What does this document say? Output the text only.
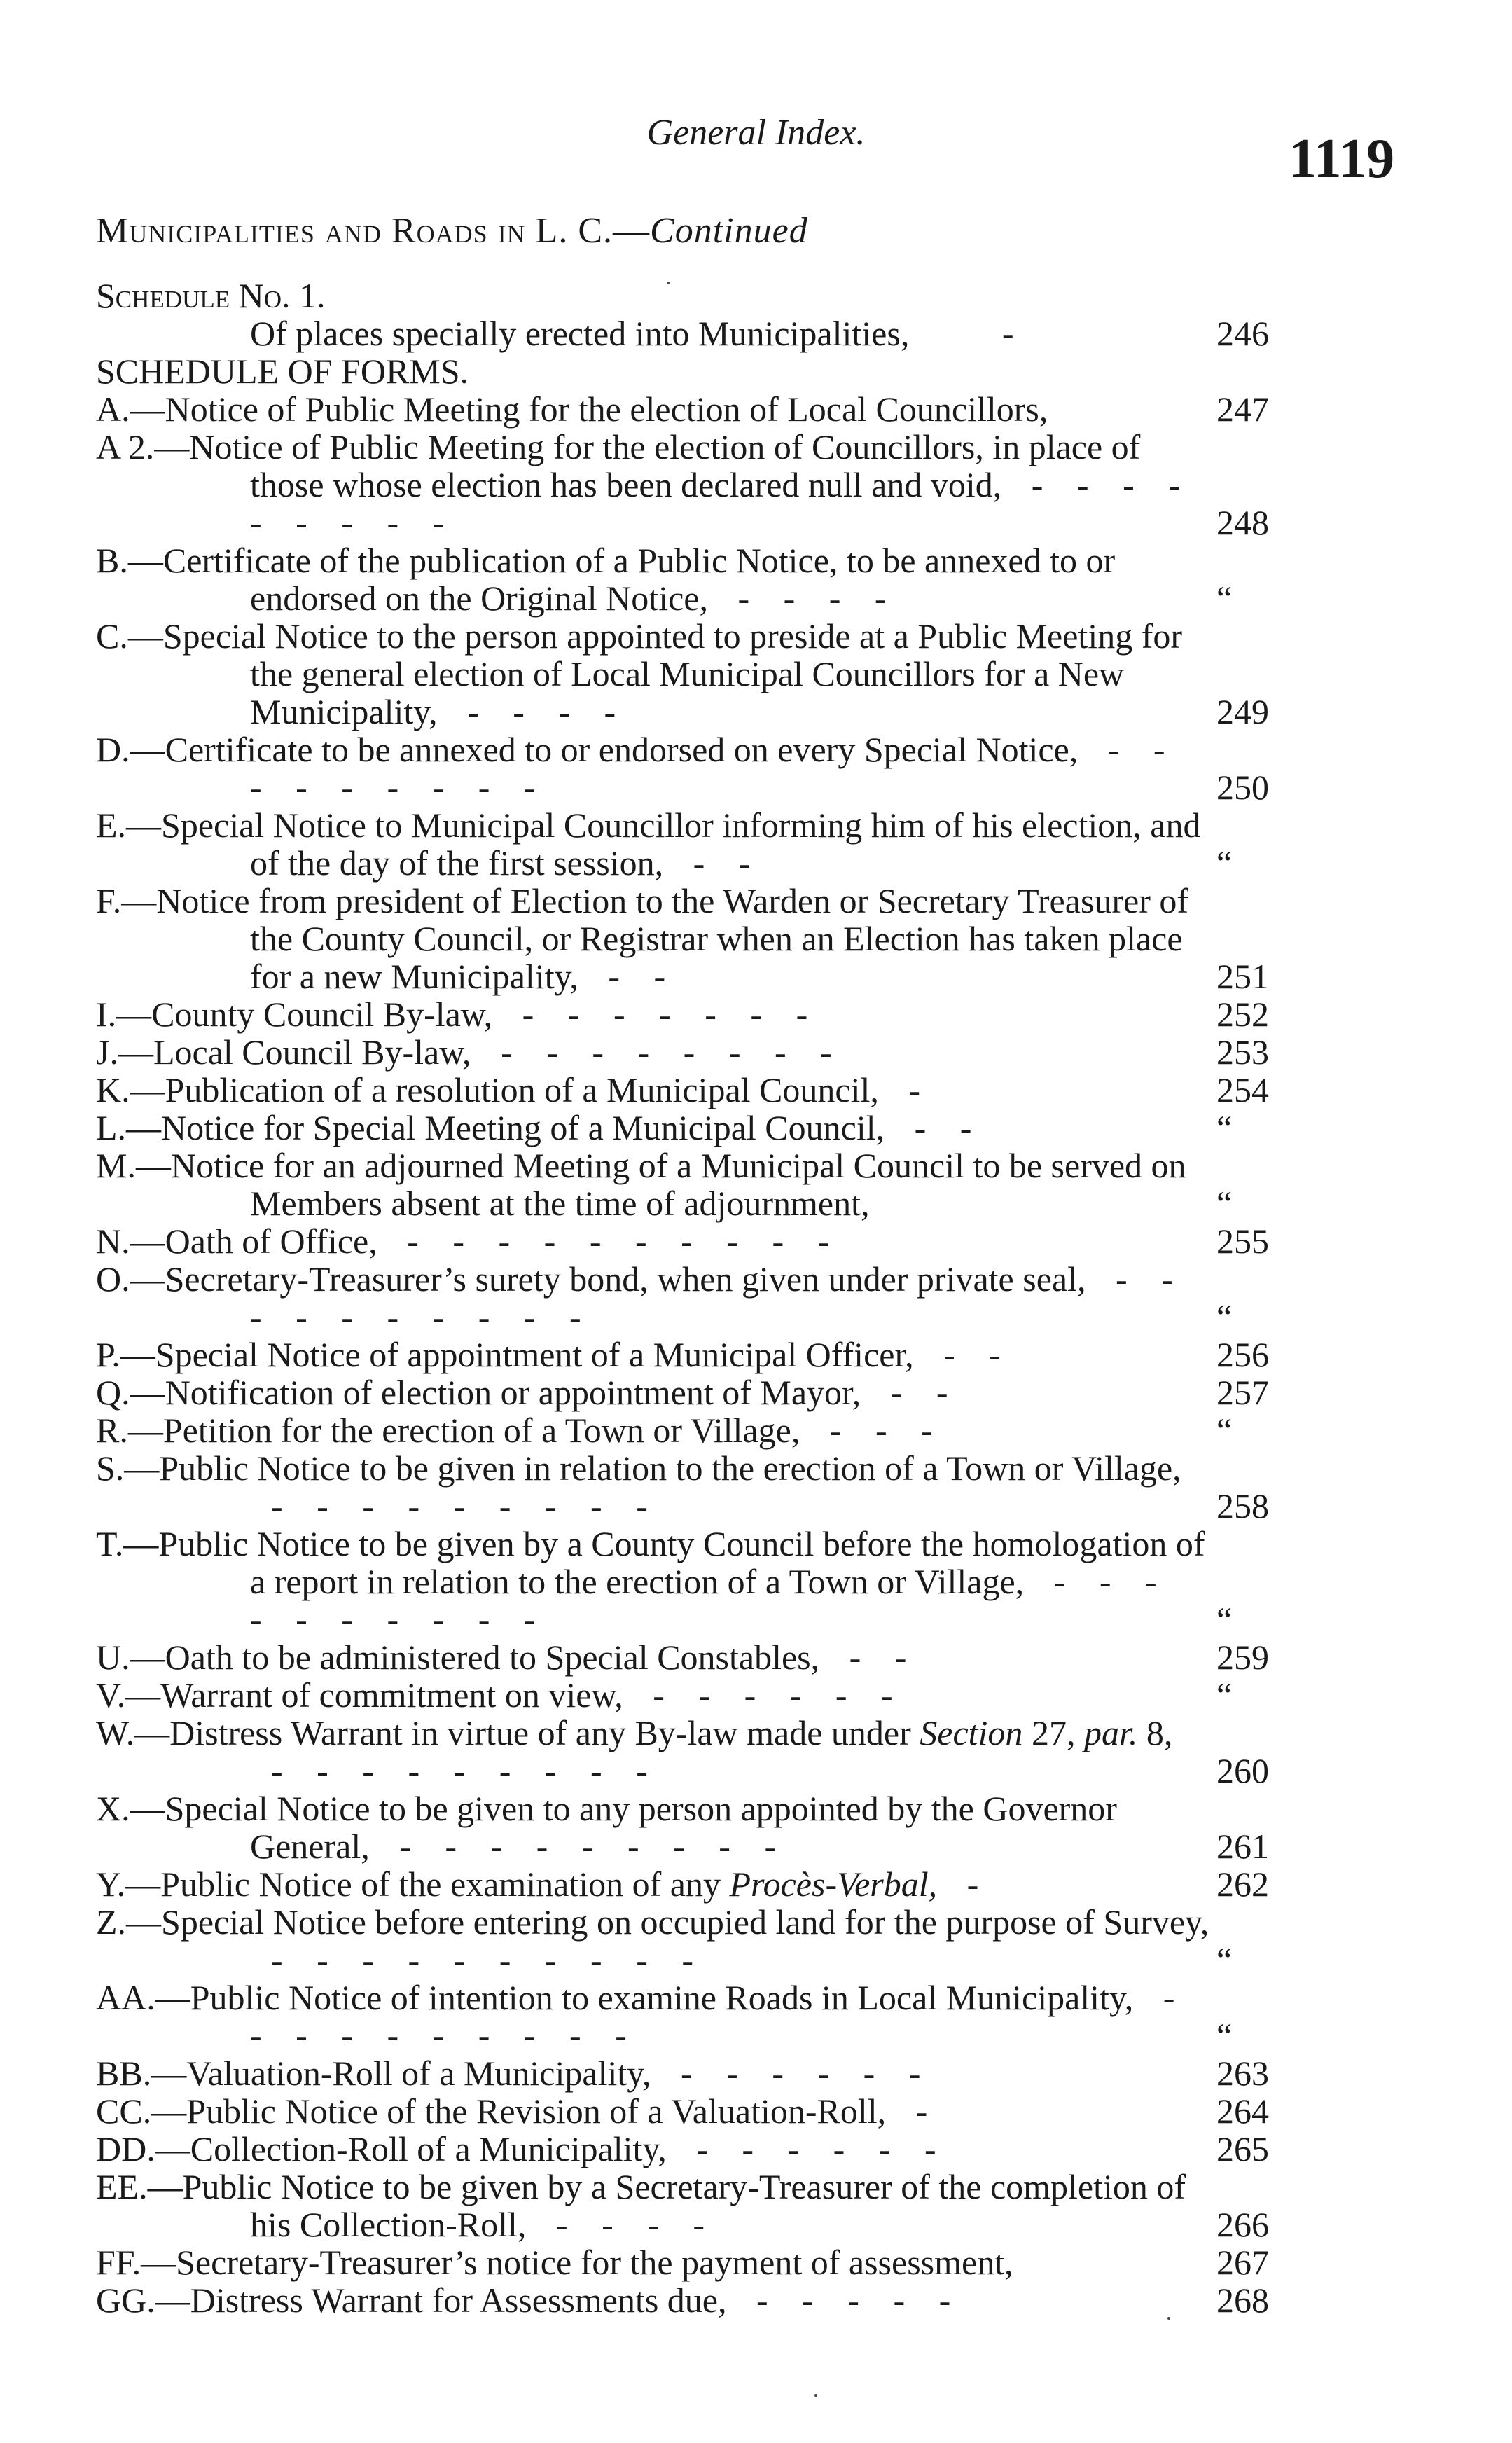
General Index.	1119
Municipalities and Roads in L. C.—Continued
Schedule No. 1.
Of places specially erected into Municipalities,	-	246
SCHEDULE OF FORMS.
A.—Notice of Public Meeting for the election of Local Councillors,	247
A 2.—Notice of Public Meeting for the election of Councillors, in place of those whose election has been declared null and void, - - - - - - - - -	248
B.—Certificate of the publication of a Public Notice, to be annexed to or endorsed on the Original Notice, - - - -	“
C.—Special Notice to the person appointed to preside at a Public Meeting for the general election of Local Municipal Councillors for a New Municipality, - - - -	249
D.—Certificate to be annexed to or endorsed on every Special Notice, - - - - - - - - -	250
E.—Special Notice to Municipal Councillor informing him of his election, and of the day of the first session, - -	“
F.—Notice from president of Election to the Warden or Secretary Treasurer of the County Council, or Registrar when an Election has taken place for a new Municipality, - -	251
I.—County Council By-law, - - - - - - -	252
J.—Local Council By-law, - - - - - - - -	253
K.—Publication of a resolution of a Municipal Council, -	254
L.—Notice for Special Meeting of a Municipal Council, - -	“
M.—Notice for an adjourned Meeting of a Municipal Council to be served on Members absent at the time of adjournment,	“
N.—Oath of Office, - - - - - - - - - -	255
O.—Secretary-Treasurer’s surety bond, when given under private seal, - - - - - - - - - -	“
P.—Special Notice of appointment of a Municipal Officer, - -	256
Q.—Notification of election or appointment of Mayor, - -	257
R.—Petition for the erection of a Town or Village, - - -	“
S.—Public Notice to be given in relation to the erection of a Town or Village, - - - - - - - - -	258
T.—Public Notice to be given by a County Council before the homologation of a report in relation to the erection of a Town or Village, - - - - - - - - - -	“
U.—Oath to be administered to Special Constables, - -	259
V.—Warrant of commitment on view, - - - - - -	“
W.—Distress Warrant in virtue of any By-law made under Section 27, par. 8, - - - - - - - - -	260
X.—Special Notice to be given to any person appointed by the Governor General, - - - - - - - - -	261
Y.—Public Notice of the examination of any Procès-Verbal, -	262
Z.—Special Notice before entering on occupied land for the purpose of Survey, - - - - - - - - - -	“
AA.—Public Notice of intention to examine Roads in Local Municipality, - - - - - - - - - -	“
BB.—Valuation-Roll of a Municipality, - - - - - -	263
CC.—Public Notice of the Revision of a Valuation-Roll, -	264
DD.—Collection-Roll of a Municipality, - - - - - -	265
EE.—Public Notice to be given by a Secretary-Treasurer of the completion of his Collection-Roll, - - - -	266
FF.—Secretary-Treasurer’s notice for the payment of assessment,	267
GG.—Distress Warrant for Assessments due, - - - - -	268
